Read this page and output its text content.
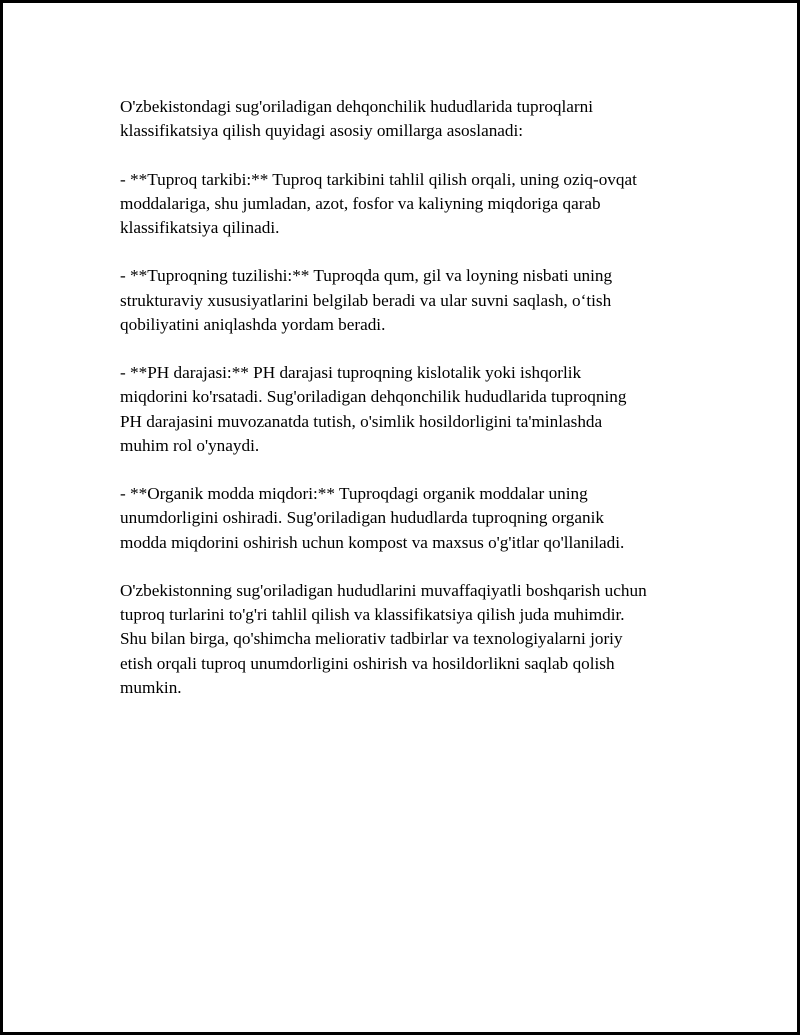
O'zbekistondagi sug'oriladigan dehqonchilik hududlarida tuproqlarni
klassifikatsiya qilish quyidagi asosiy omillarga asoslanadi:

- **Tuproq tarkibi:** Tuproq tarkibini tahlil qilish orqali, uning oziq-ovqat
moddalariga, shu jumladan, azot, fosfor va kaliyning miqdoriga qarab
klassifikatsiya qilinadi.

- **Tuproqning tuzilishi:** Tuproqda qum, gil va loyning nisbati uning
strukturaviy xususiyatlarini belgilab beradi va ular suvni saqlash, o‘tish
qobiliyatini aniqlashda yordam beradi.

- **PH darajasi:** PH darajasi tuproqning kislotalik yoki ishqorlik
miqdorini ko'rsatadi. Sug'oriladigan dehqonchilik hududlarida tuproqning
PH darajasini muvozanatda tutish, o'simlik hosildorligini ta'minlashda
muhim rol o'ynaydi.

- **Organik modda miqdori:** Tuproqdagi organik moddalar uning
unumdorligini oshiradi. Sug'oriladigan hududlarda tuproqning organik
modda miqdorini oshirish uchun kompost va maxsus o'g'itlar qo'llaniladi.

O'zbekistonning sug'oriladigan hududlarini muvaffaqiyatli boshqarish uchun
tuproq turlarini to'g'ri tahlil qilish va klassifikatsiya qilish juda muhimdir.
Shu bilan birga, qo'shimcha meliorativ tadbirlar va texnologiyalarni joriy
etish orqali tuproq unumdorligini oshirish va hosildorlikni saqlab qolish
mumkin.
